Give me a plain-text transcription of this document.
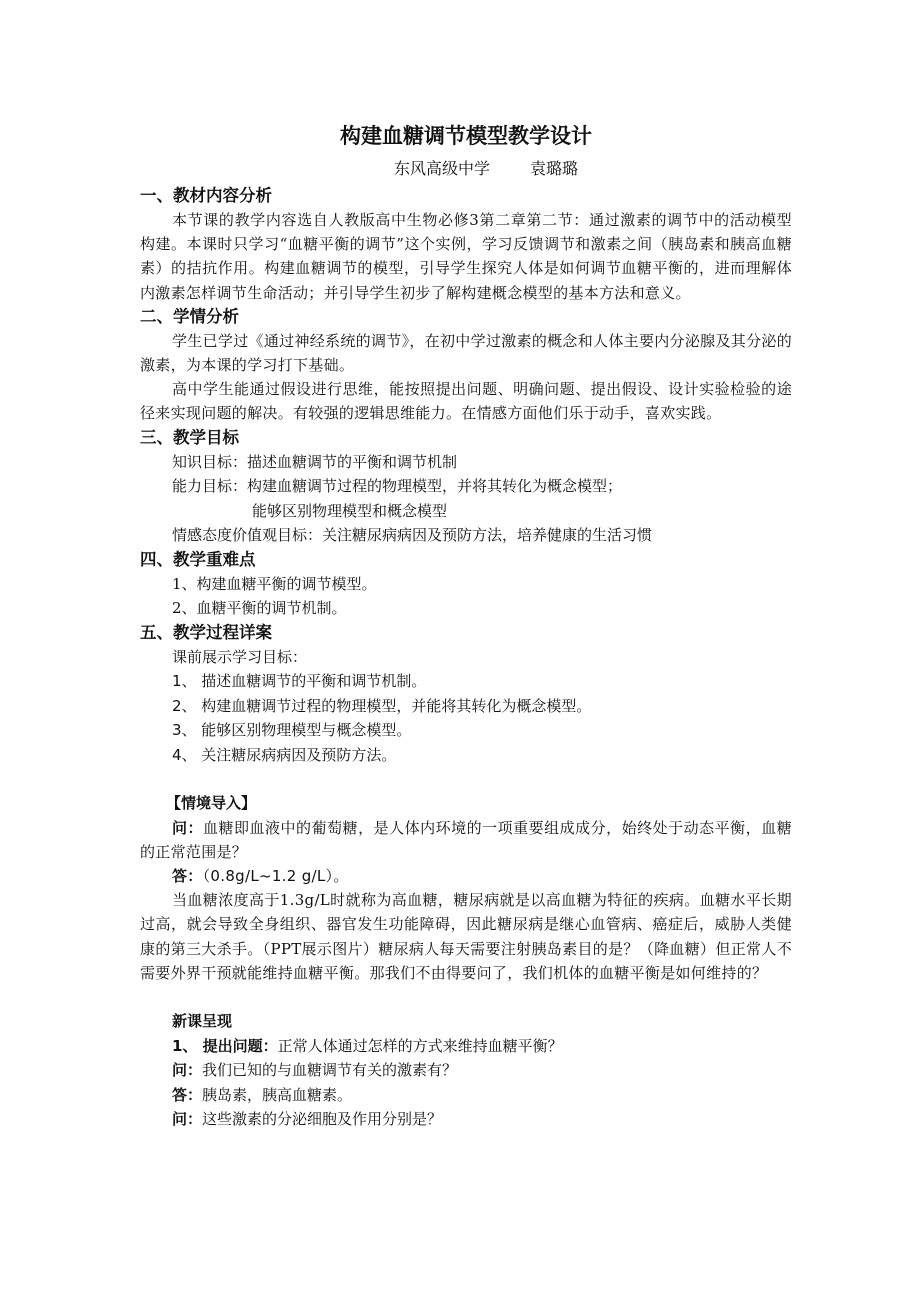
构建血糖调节模型教学设计
东风高级中学	袁璐璐
一、教材内容分析
本节课的教学内容选自人教版高中生物必修3第二章第二节：通过激素的调节中的活动模型构建。本课时只学习“血糖平衡的调节”这个实例，学习反馈调节和激素之间（胰岛素和胰高血糖素）的拮抗作用。构建血糖调节的模型，引导学生探究人体是如何调节血糖平衡的，进而理解体内激素怎样调节生命活动；并引导学生初步了解构建概念模型的基本方法和意义。
二、学情分析
学生已学过《通过神经系统的调节》，在初中学过激素的概念和人体主要内分泌腺及其分泌的激素，为本课的学习打下基础。
高中学生能通过假设进行思维，能按照提出问题、明确问题、提出假设、设计实验检验的途径来实现问题的解决。有较强的逻辑思维能力。在情感方面他们乐于动手，喜欢实践。
三、教学目标
知识目标：描述血糖调节的平衡和调节机制
能力目标：构建血糖调节过程的物理模型，并将其转化为概念模型；
能够区别物理模型和概念模型
情感态度价值观目标：关注糖尿病病因及预防方法，培养健康的生活习惯
四、教学重难点
1、构建血糖平衡的调节模型。
2、血糖平衡的调节机制。
五、教学过程详案
课前展示学习目标：
1、 描述血糖调节的平衡和调节机制。
2、 构建血糖调节过程的物理模型，并能将其转化为概念模型。
3、 能够区别物理模型与概念模型。
4、 关注糖尿病病因及预防方法。
【情境导入】
问：血糖即血液中的葡萄糖，是人体内环境的一项重要组成成分，始终处于动态平衡，血糖的正常范围是？
答：（0.8g/L~1.2 g/L）。
当血糖浓度高于1.3g/L时就称为高血糖，糖尿病就是以高血糖为特征的疾病。血糖水平长期过高，就会导致全身组织、器官发生功能障碍，因此糖尿病是继心血管病、癌症后，威胁人类健康的第三大杀手。（PPT展示图片）糖尿病人每天需要注射胰岛素目的是？（降血糖）但正常人不需要外界干预就能维持血糖平衡。那我们不由得要问了，我们机体的血糖平衡是如何维持的？
新课呈现
1、 提出问题：正常人体通过怎样的方式来维持血糖平衡？
问：我们已知的与血糖调节有关的激素有？
答：胰岛素，胰高血糖素。
问：这些激素的分泌细胞及作用分别是？
